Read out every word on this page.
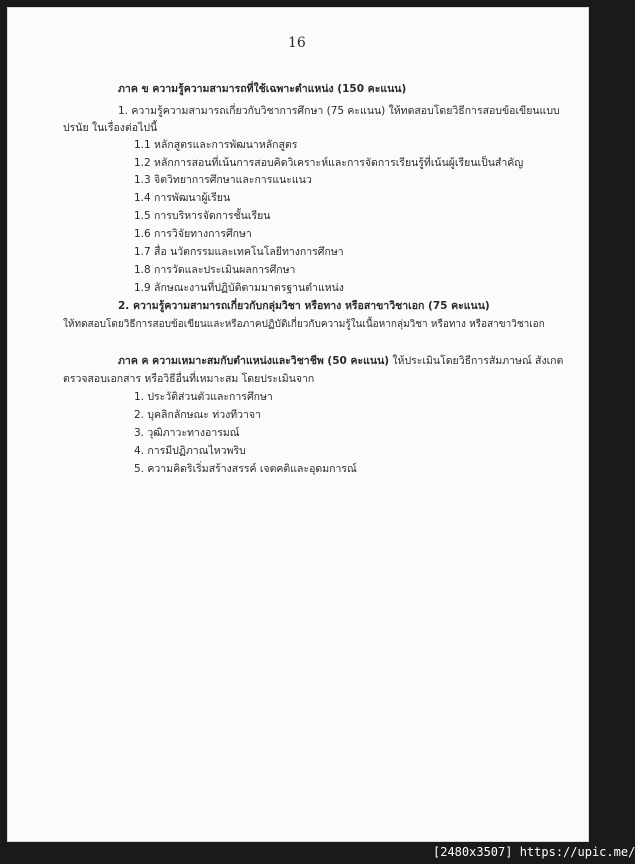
16
ภาค ข ความรู้ความสามารถที่ใช้เฉพาะตำแหน่ง (150 คะแนน)
1. ความรู้ความสามารถเกี่ยวกับวิชาการศึกษา (75 คะแนน) ให้ทดสอบโดยวิธีการสอบข้อเขียนแบบ
ปรนัย ในเรื่องต่อไปนี้
1.1 หลักสูตรและการพัฒนาหลักสูตร
1.2 หลักการสอนที่เน้นการสอบคิดวิเคราะห์และการจัดการเรียนรู้ที่เน้นผู้เรียนเป็นสำคัญ
1.3 จิตวิทยาการศึกษาและการแนะแนว
1.4 การพัฒนาผู้เรียน
1.5 การบริหารจัดการชั้นเรียน
1.6 การวิจัยทางการศึกษา
1.7 สื่อ นวัตกรรมและเทคโนโลยีทางการศึกษา
1.8 การวัดและประเมินผลการศึกษา
1.9 ลักษณะงานที่ปฏิบัติตามมาตรฐานตำแหน่ง
2. ความรู้ความสามารถเกี่ยวกับกลุ่มวิชา หรือทาง หรือสาขาวิชาเอก (75 คะแนน)
ให้ทดสอบโดยวิธีการสอบข้อเขียนและหรือภาคปฏิบัติเกี่ยวกับความรู้ในเนื้อหากลุ่มวิชา หรือทาง หรือสาขาวิชาเอก
ภาค ค ความเหมาะสมกับตำแหน่งและวิชาชีพ (50 คะแนน) ให้ประเมินโดยวิธีการสัมภาษณ์ สังเกต
ตรวจสอบเอกสาร หรือวิธีอื่นที่เหมาะสม โดยประเมินจาก
1. ประวัติส่วนตัวและการศึกษา
2. บุคลิกลักษณะ ท่วงทีวาจา
3. วุฒิภาวะทางอารมณ์
4. การมีปฏิภาณไหวพริบ
5. ความคิดริเริ่มสร้างสรรค์ เจตคติและอุดมการณ์
[2480x3507] https://upic.me/
